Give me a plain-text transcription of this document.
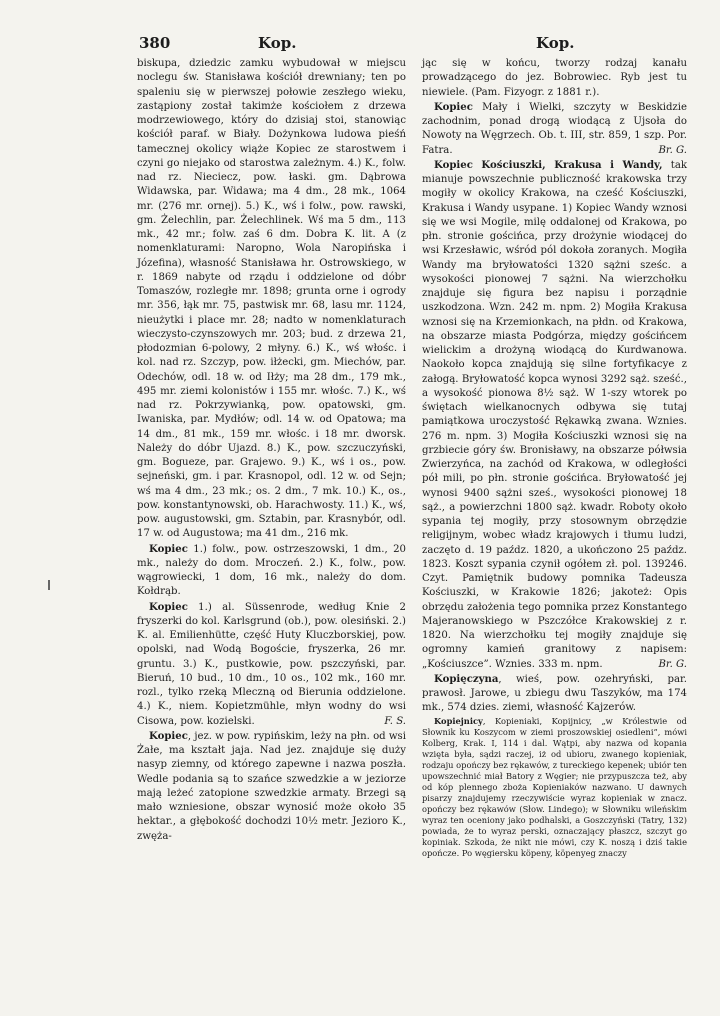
380	Kop.	Kop.

biskupa, dziedzic zamku wybudował w miejscu noclegu św. Stanisława kościół drewniany; ten po spaleniu się w pierwszej połowie zeszłego wieku, zastąpiony został takimże kościołem z drzewa modrzewiowego, który do dzisiaj stoi, stanowiąc kościół paraf. w Biały. Dożynkowa ludowa pieśń tamecznej okolicy wiąże Kopiec ze starostwem i czyni go niejako od starostwa zależnym. 4.) K., folw. nad rz. Nieciecz, pow. łaski. gm. Dąbrowa Widawska, par. Widawa; ma 4 dm., 28 mk., 1064 mr. (276 mr. ornej). 5.) K., wś i folw., pow. rawski, gm. Żelechlin, par. Żelechlinek. Wś ma 5 dm., 113 mk., 42 mr.; folw. zaś 6 dm. Dobra K. lit. A (z nomenklaturami: Naropno, Wola Naropińska i Józefina), własność Stanisława hr. Ostrowskiego, w r. 1869 nabyte od rządu i oddzielone od dóbr Tomaszów, rozległe mr. 1898; grunta orne i ogrody mr. 356, łąk mr. 75, pastwisk mr. 68, lasu mr. 1124, nieużytki i place mr. 28; nadto w nomenklaturach wieczysto-czynszowych mr. 203; bud. z drzewa 21, płodozmian 6-polowy, 2 młyny. 6.) K., wś włośc. i kol. nad rz. Szczyp, pow. iłżecki, gm. Miechów, par. Odechów, odl. 18 w. od Iłży; ma 28 dm., 179 mk., 495 mr. ziemi kolonistów i 155 mr. włośc. 7.) K., wś nad rz. Pokrzywianką, pow. opatowski, gm. Iwaniska, par. Mydłów; odl. 14 w. od Opatowa; ma 14 dm., 81 mk., 159 mr. włośc. i 18 mr. dworsk. Należy do dóbr Ujazd. 8.) K., pow. szczuczyński, gm. Bogueze, par. Grajewo. 9.) K., wś i os., pow. sejneński, gm. i par. Krasnopol, odl. 12 w. od Sejn; wś ma 4 dm., 23 mk.; os. 2 dm., 7 mk. 10.) K., os., pow. konstantynowski, ob. Harachwosty. 11.) K., wś, pow. augustowski, gm. Sztabin, par. Krasnybór, odl. 17 w. od Augustowa; ma 41 dm., 216 mk.

Kopiec 1.) folw., pow. ostrzeszowski, 1 dm., 20 mk., należy do dom. Mroczeń. 2.) K., folw., pow. wągrowiecki, 1 dom, 16 mk., należy do dom. Kołdrąb.

Kopiec 1.) al. Süssenrode, według Knie 2 fryszerki do kol. Karlsgrund (ob.), pow. olesiński. 2.) K. al. Emilienhütte, część Huty Kluczborskiej, pow. opolski, nad Wodą Bogoście, fryszerka, 26 mr. gruntu. 3.) K., pustkowie, pow. pszczyński, par. Bieruń, 10 bud., 10 dm., 10 os., 102 mk., 160 mr. rozl., tylko rzeką Mleczną od Bierunia oddzielone. 4.) K., niem. Kopietzmühle, młyn wodny do wsi Cisowa, pow. kozielski.	F. S.

Kopiec, jez. w pow. rypińskim, leży na płn. od wsi Żałe, ma kształt jaja. Nad jez. znajduje się duży nasyp ziemny, od którego zapewne i nazwa poszła. Wedle podania są to szańce szwedzkie a w jeziorze mają leżeć zatopione szwedzkie armaty. Brzegi są mało wzniesione, obszar wynosić może około 35 hektar., a głębokość dochodzi 10½ metr. Jezioro K., zwęża-

jąc się w końcu, tworzy rodzaj kanału prowadzącego do jez. Bobrowiec. Ryb jest tu niewiele. (Pam. Fizyogr. z 1881 r.).

Kopiec Mały i Wielki, szczyty w Beskidzie zachodnim, ponad drogą wiodącą z Ujsoła do Nowoty na Węgrzech. Ob. t. III, str. 859, 1 szp. Por. Fatra.	Br. G.

Kopiec Kościuszki, Krakusa i Wandy, tak mianuje powszechnie publiczność krakowska trzy mogiły w okolicy Krakowa, na cześć Kościuszki, Krakusa i Wandy usypane. 1) Kopiec Wandy wznosi się we wsi Mogile, milę oddalonej od Krakowa, po płn. stronie gościńca, przy drożynie wiodącej do wsi Krzesławic, wśród pól dokoła zoranych. Mogiła Wandy ma bryłowatości 1320 sążni sześc. a wysokości pionowej 7 sążni. Na wierzchołku znajduje się figura bez napisu i porządnie uszkodzona. Wzn. 242 m. npm. 2) Mogiła Krakusa wznosi się na Krzemionkach, na płdn. od Krakowa, na obszarze miasta Podgórza, między gościńcem wielickim a drożyną wiodącą do Kurdwanowa. Naokoło kopca znajdują się silne fortyfikacye z załogą. Bryłowatość kopca wynosi 3292 sąż. sześć., a wysokość pionowa 8½ sąż. W 1-szy wtorek po świętach wielkanocnych odbywa się tutaj pamiątkowa uroczystość Rękawką zwana. Wznies. 276 m. npm. 3) Mogiła Kościuszki wznosi się na grzbiecie góry św. Bronisławy, na obszarze półwsia Zwierzyńca, na zachód od Krakowa, w odległości pół mili, po płn. stronie gościńca. Bryłowatość jej wynosi 9400 sążni sześ., wysokości pionowej 18 sąż., a powierzchni 1800 sąż. kwadr. Roboty około sypania tej mogiły, przy stosownym obrzędzie religijnym, wobec władz krajowych i tłumu ludzi, zaczęto d. 19 paźdz. 1820, a ukończono 25 paźdz. 1823. Koszt sypania czynił ogółem zł. pol. 139246. Czyt. Pamiętnik budowy pomnika Tadeusza Kościuszki, w Krakowie 1826; jakoteż: Opis obrzędu założenia tego pomnika przez Konstantego Majeranowskiego w Pszczółce Krakowskiej z r. 1820. Na wierzchołku tej mogiły znajduje się ogromny kamień granitowy z napisem: „Kościuszce”. Wznies. 333 m. npm.	Br. G.

Kopięczyna, wieś, pow. ozehryński, par. prawosł. Jarowe, u zbiegu dwu Taszyków, ma 174 mk., 574 dzies. ziemi, własność Kajzerów.

Kopiejnicy, Kopieniaki, Kopijnicy, „w Królestwie od Słownik ku Koszycom w ziemi proszowskiej osiedleni”, mówi Kolberg, Krak. I, 114 i dal. Wątpi, aby nazwa od kopania wzięta była, sądzi raczej, iż od ubioru, zwanego kopieniak, rodzaju opończy bez rękawów, z tureckiego kepenek; ubiór ten upowszechnić miał Batory z Węgier; nie przypuszcza też, aby od kóp plennego zboża Kopieniaków nazwano. U dawnych pisarzy znajdujemy rzeczywiście wyraz kopieniak w znacz. opończy bez rękawów (Słow. Lindego); w Słowniku wileńskim wyraz ten oceniony jako podhalski, a Goszczyński (Tatry, 132) powiada, że to wyraz perski, oznaczający płaszcz, szczyt go kopiniak. Szkoda, że nikt nie mówi, czy K. noszą i dziś takie opończe. Po węgiersku köpeny, köpenyeg znaczy
